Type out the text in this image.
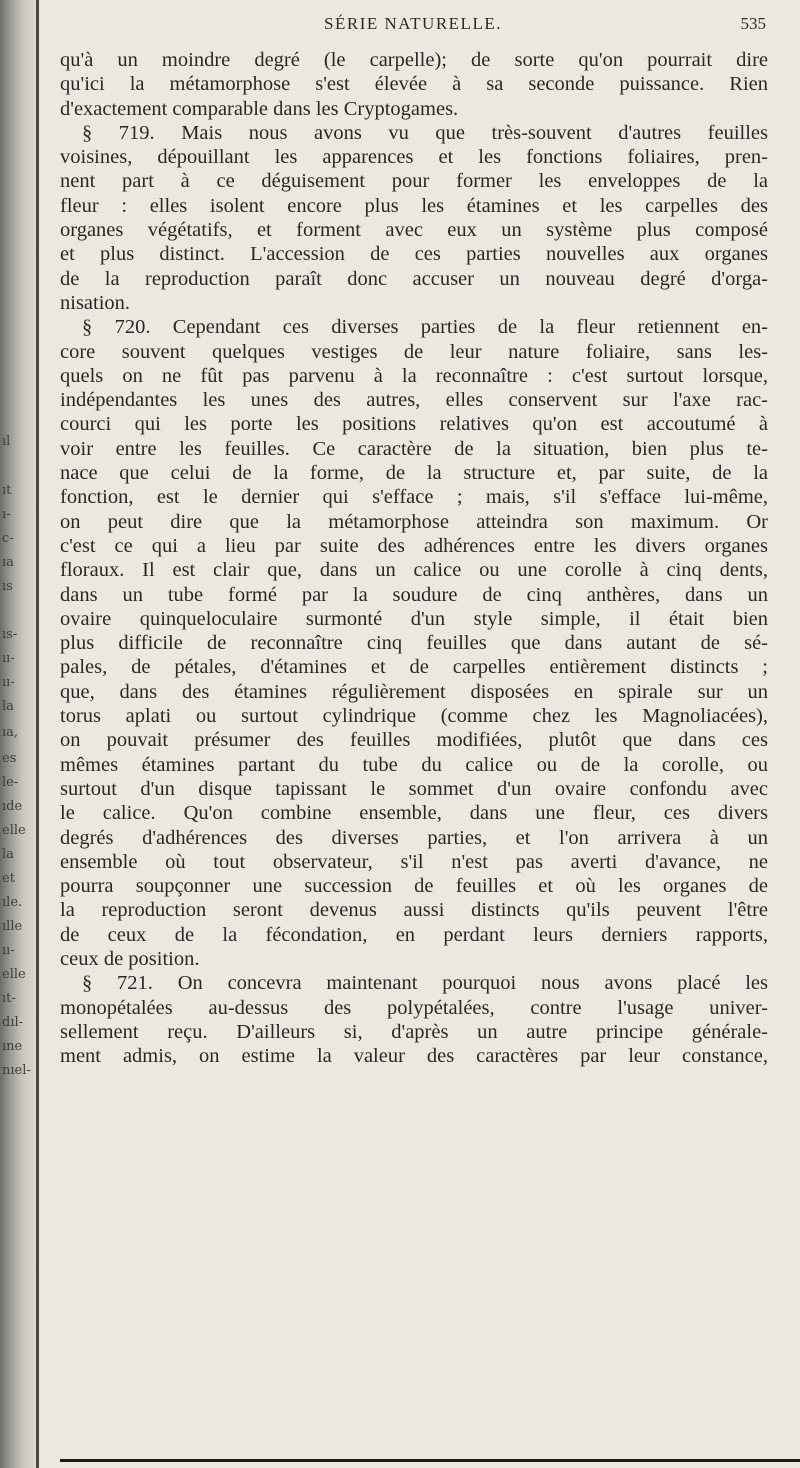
ıl
ıt
ı-
c-
ıa
ıs
ıs-
ıı-
ıı-
la
ıa,
es
le-
ıde
elle
la
et
ıle.
ılle
ıı-
elle
ıt-
dıl-
ıne
nıel-
SÉRIE NATURELLE.	535
qu'à un moindre degré (le carpelle); de sorte qu'on pourrait dire
qu'ici la métamorphose s'est élevée à sa seconde puissance. Rien
d'exactement comparable dans les Cryptogames.
§ 719. Mais nous avons vu que très-souvent d'autres feuilles
voisines, dépouillant les apparences et les fonctions foliaires, pren-
nent part à ce déguisement pour former les enveloppes de la
fleur : elles isolent encore plus les étamines et les carpelles des
organes végétatifs, et forment avec eux un système plus composé
et plus distinct. L'accession de ces parties nouvelles aux organes
de la reproduction paraît donc accuser un nouveau degré d'orga-
nisation.
§ 720. Cependant ces diverses parties de la fleur retiennent en-
core souvent quelques vestiges de leur nature foliaire, sans les-
quels on ne fût pas parvenu à la reconnaître : c'est surtout lorsque,
indépendantes les unes des autres, elles conservent sur l'axe rac-
courci qui les porte les positions relatives qu'on est accoutumé à
voir entre les feuilles. Ce caractère de la situation, bien plus te-
nace que celui de la forme, de la structure et, par suite, de la
fonction, est le dernier qui s'efface ; mais, s'il s'efface lui-même,
on peut dire que la métamorphose atteindra son maximum. Or
c'est ce qui a lieu par suite des adhérences entre les divers organes
floraux. Il est clair que, dans un calice ou une corolle à cinq dents,
dans un tube formé par la soudure de cinq anthères, dans un
ovaire quinqueloculaire surmonté d'un style simple, il était bien
plus difficile de reconnaître cinq feuilles que dans autant de sé-
pales, de pétales, d'étamines et de carpelles entièrement distincts ;
que, dans des étamines régulièrement disposées en spirale sur un
torus aplati ou surtout cylindrique (comme chez les Magnoliacées),
on pouvait présumer des feuilles modifiées, plutôt que dans ces
mêmes étamines partant du tube du calice ou de la corolle, ou
surtout d'un disque tapissant le sommet d'un ovaire confondu avec
le calice. Qu'on combine ensemble, dans une fleur, ces divers
degrés d'adhérences des diverses parties, et l'on arrivera à un
ensemble où tout observateur, s'il n'est pas averti d'avance, ne
pourra soupçonner une succession de feuilles et où les organes de
la reproduction seront devenus aussi distincts qu'ils peuvent l'être
de ceux de la fécondation, en perdant leurs derniers rapports,
ceux de position.
§ 721. On concevra maintenant pourquoi nous avons placé les
monopétalées au-dessus des polypétalées, contre l'usage univer-
sellement reçu. D'ailleurs si, d'après un autre principe générale-
ment admis, on estime la valeur des caractères par leur constance,
